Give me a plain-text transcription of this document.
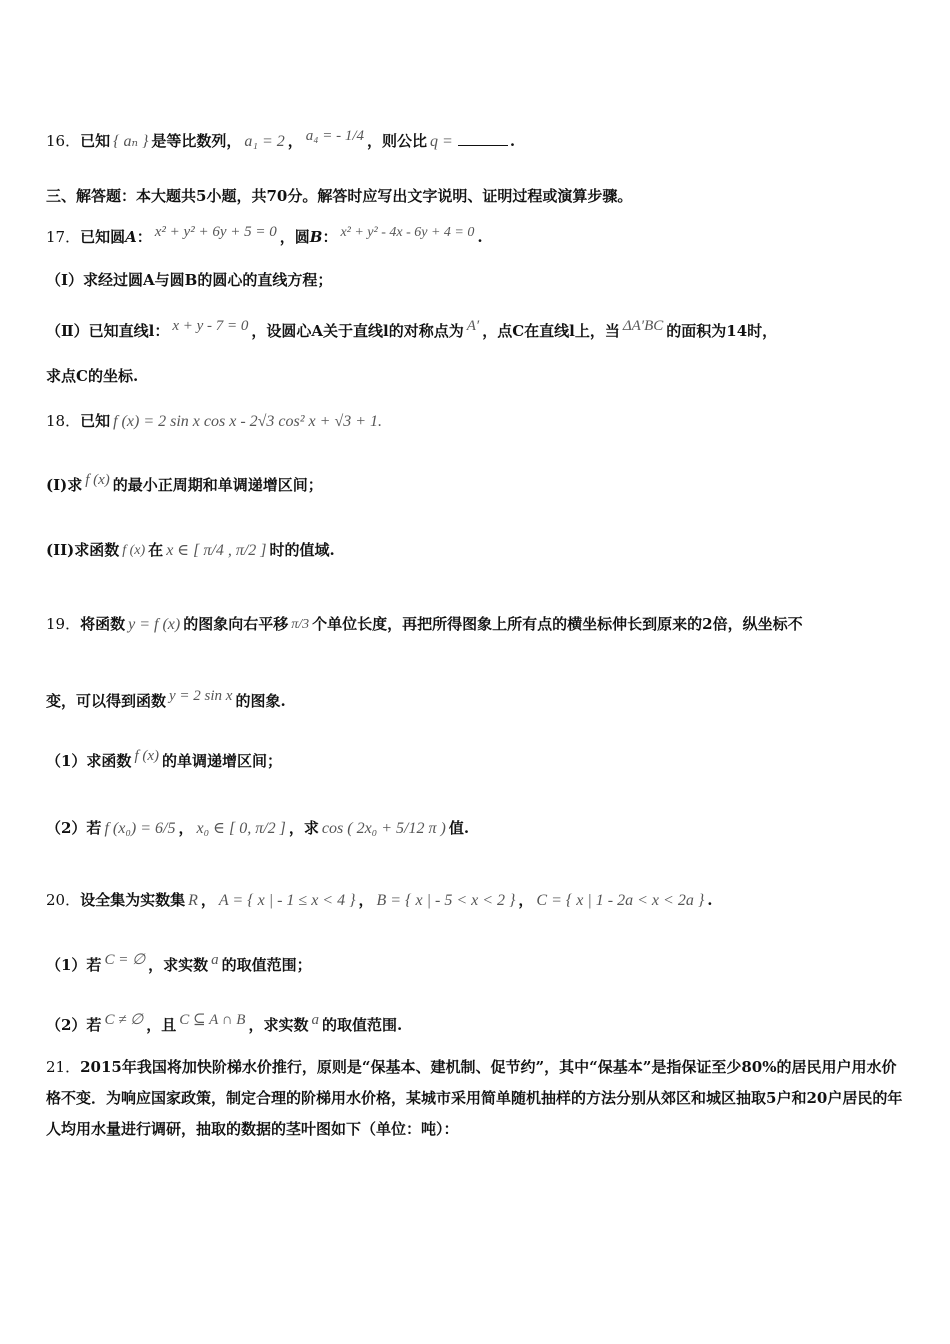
16．已知 { aₙ } 是等比数列， a₁ = 2 ， a₄ = - 1/4 ，则公比 q =	.
三、解答题：本大题共5小题，共70分。解答时应写出文字说明、证明过程或演算步骤。
17．已知圆A： x² + y² + 6y + 5 = 0 ，圆B： x² + y² - 4x - 6y + 4 = 0 .
（Ⅰ）求经过圆A与圆B的圆心的直线方程；
（Ⅱ）已知直线l： x + y - 7 = 0 ，设圆心A关于直线l的对称点为 A′ ，点C在直线l上，当 ΔA′BC 的面积为14时，
求点C的坐标.
18．已知 f (x) = 2 sin x cos x - 2√3 cos² x + √3 + 1.
(I)求 f (x) 的最小正周期和单调递增区间；
(II)求函数 f (x) 在 x ∈ [ π/4 , π/2 ] 时的值域.
19．将函数 y = f (x) 的图象向右平移 π/3 个单位长度，再把所得图象上所有点的横坐标伸长到原来的2倍，纵坐标不
变，可以得到函数 y = 2 sin x 的图象.
（1）求函数 f (x) 的单调递增区间；
（2）若 f (x₀) = 6/5 ， x₀ ∈ [ 0, π/2 ] ，求 cos ( 2x₀ + 5/12 π ) 值.
20．设全集为实数集 R ， A = { x | - 1 ≤ x < 4 } ， B = { x | - 5 < x < 2 } ， C = { x | 1 - 2a < x < 2a } .
（1）若 C = ∅ ，求实数 a 的取值范围；
（2）若 C ≠ ∅ ，且 C ⊆ A ∩ B ，求实数 a 的取值范围.
21．2015年我国将加快阶梯水价推行，原则是“保基本、建机制、促节约”，其中“保基本”是指保证至少80%的居民用户用水价格不变．为响应国家政策，制定合理的阶梯用水价格，某城市采用简单随机抽样的方法分别从郊区和城区抽取5户和20户居民的年人均用水量进行调研，抽取的数据的茎叶图如下（单位：吨）：
